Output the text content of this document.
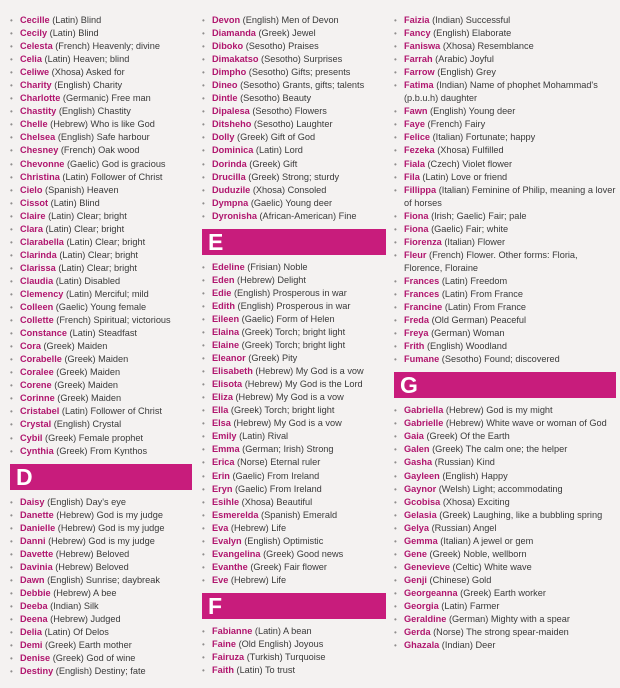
• Cecille (Latin) Blind
• Cecily (Latin) Blind
• Celesta (French) Heavenly; divine
• Celia (Latin) Heaven; blind
• Celiwe (Xhosa) Asked for
• Charity (English) Charity
• Charlotte (Germanic) Free man
• Chastity (English) Chastity
• Chelle (Hebrew) Who is like God
• Chelsea (English) Safe harbour
• Chesney (French) Oak wood
• Chevonne (Gaelic) God is gracious
• Christina (Latin) Follower of Christ
• Cielo (Spanish) Heaven
• Cissot (Latin) Blind
• Claire (Latin) Clear; bright
• Clara (Latin) Clear; bright
• Clarabella (Latin) Clear; bright
• Clarinda (Latin) Clear; bright
• Clarissa (Latin) Clear; bright
• Claudia (Latin) Disabled
• Clemency (Latin) Merciful; mild
• Colleen (Gaelic) Young female
• Collette (French) Spiritual; victorious
• Constance (Latin) Steadfast
• Cora (Greek) Maiden
• Corabelle (Greek) Maiden
• Coralee (Greek) Maiden
• Corene (Greek) Maiden
• Corinne (Greek) Maiden
• Cristabel (Latin) Follower of Christ
• Crystal (English) Crystal
• Cybil (Greek) Female prophet
• Cynthia (Greek) From Kynthos
D
• Daisy (English) Day's eye
• Danette (Hebrew) God is my judge
• Danielle (Hebrew) God is my judge
• Danni (Hebrew) God is my judge
• Davette (Hebrew) Beloved
• Davinia (Hebrew) Beloved
• Dawn (English) Sunrise; daybreak
• Debbie (Hebrew) A bee
• Deeba (Indian) Silk
• Deena (Hebrew) Judged
• Delia (Latin) Of Delos
• Demi (Greek) Earth mother
• Denise (Greek) God of wine
• Destiny (English) Destiny; fate
• Devon (English) Men of Devon
• Diamanda (Greek) Jewel
• Diboko (Sesotho) Praises
• Dimakatso (Sesotho) Surprises
• Dimpho (Sesotho) Gifts; presents
• Dineo (Sesotho) Grants, gifts; talents
• Dintle (Sesotho) Beauty
• Dipalesa (Sesotho) Flowers
• Ditsheho (Sesotho) Laughter
• Dolly (Greek) Gift of God
• Dominica (Latin) Lord
• Dorinda (Greek) Gift
• Drucilla (Greek) Strong; sturdy
• Duduzile (Xhosa) Consoled
• Dympna (Gaelic) Young deer
• Dyronisha (African-American) Fine
E
• Edeline (Frisian) Noble
• Eden (Hebrew) Delight
• Edie (English) Prosperous in war
• Edith (English) Prosperous in war
• Eileen (Gaelic) Form of Helen
• Elaina (Greek) Torch; bright light
• Elaine (Greek) Torch; bright light
• Eleanor (Greek) Pity
• Elisabeth (Hebrew) My God is a vow
• Elisota (Hebrew) My God is the Lord
• Eliza (Hebrew) My God is a vow
• Ella (Greek) Torch; bright light
• Elsa (Hebrew) My God is a vow
• Emily (Latin) Rival
• Emma (German; Irish) Strong
• Erica (Norse) Eternal ruler
• Erin (Gaelic) From Ireland
• Eryn (Gaelic) From Ireland
• Esihle (Xhosa) Beautiful
• Esmerelda (Spanish) Emerald
• Eva (Hebrew) Life
• Evalyn (English) Optimistic
• Evangelina (Greek) Good news
• Evanthe (Greek) Fair flower
• Eve (Hebrew) Life
F
• Fabianne (Latin) A bean
• Faine (Old English) Joyous
• Fairuza (Turkish) Turquoise
• Faith (Latin) To trust
• Faizia (Indian) Successful
• Fancy (English) Elaborate
• Faniswa (Xhosa) Resemblance
• Farrah (Arabic) Joyful
• Farrow (English) Grey
• Fatima (Indian) Name of phophet Mohammad's (p.b.u.h) daughter
• Fawn (English) Young deer
• Faye (French) Fairy
• Felice (Italian) Fortunate; happy
• Fezeka (Xhosa) Fulfilled
• Fiala (Czech) Violet flower
• Fila (Latin) Love or friend
• Fillippa (Italian) Feminine of Philip, meaning a lover of horses
• Fiona (Irish; Gaelic) Fair; pale
• Fiona (Gaelic) Fair; white
• Fiorenza (Italian) Flower
• Fleur (French) Flower. Other forms: Floria, Florence, Floraine
• Frances (Latin) Freedom
• Frances (Latin) From France
• Francine (Latin) From France
• Freda (Old German) Peaceful
• Freya (German) Woman
• Frith (English) Woodland
• Fumane (Sesotho) Found; discovered
G
• Gabriella (Hebrew) God is my might
• Gabrielle (Hebrew) White wave or woman of God
• Gaia (Greek) Of the Earth
• Galen (Greek) The calm one; the helper
• Gasha (Russian) Kind
• Gayleen (English) Happy
• Gaynor (Welsh) Light; accommodating
• Gcobisa (Xhosa) Exciting
• Gelasia (Greek) Laughing, like a bubbling spring
• Gelya (Russian) Angel
• Gemma (Italian) A jewel or gem
• Gene (Greek) Noble, wellborn
• Genevieve (Celtic) White wave
• Genji (Chinese) Gold
• Georgeanna (Greek) Earth worker
• Georgia (Latin) Farmer
• Geraldine (German) Mighty with a spear
• Gerda (Norse) The strong spear-maiden
• Ghazala (Indian) Deer
